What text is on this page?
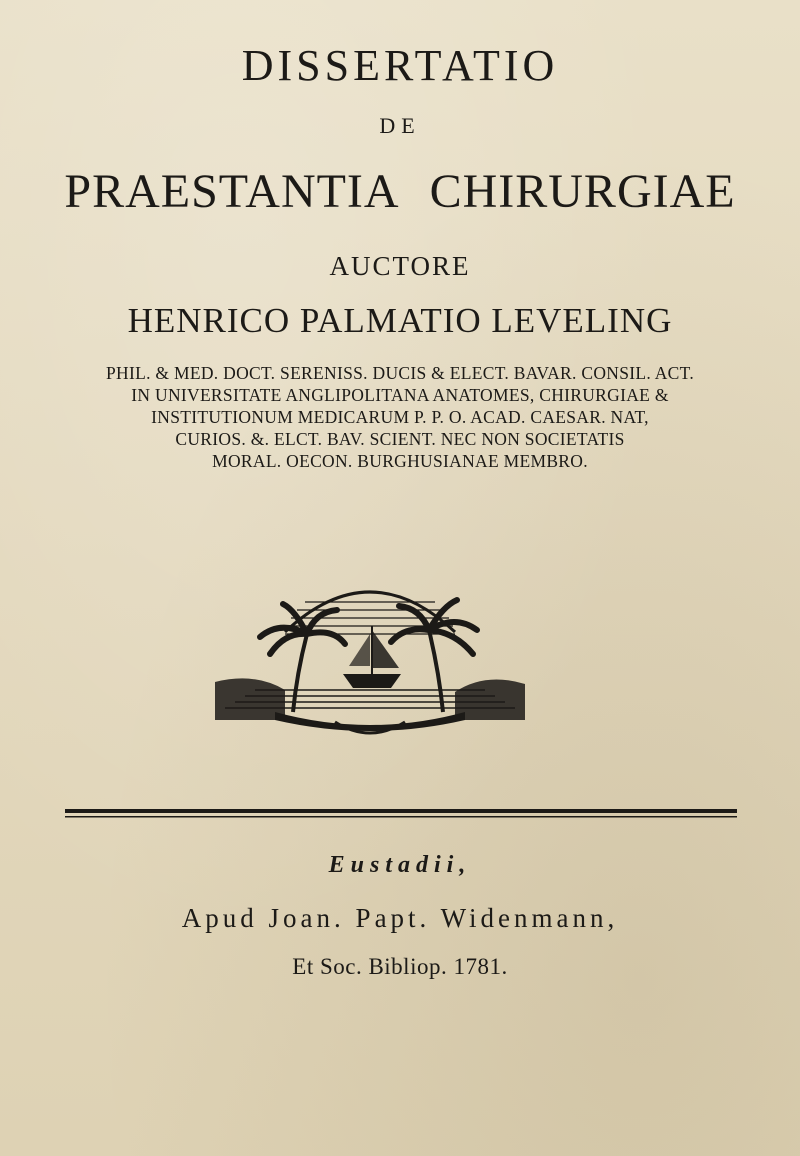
DISSERTATIO
DE
PRAESTANTIA CHIRURGIAE
AUCTORE
HENRICO PALMATIO LEVELING
PHIL. & MED. DOCT. SERENISS. DUCIS & ELECT. BAVAR. CONSIL. ACT.
IN UNIVERSITATE ANGLIPOLITANA ANATOMES, CHIRURGIAE &
INSTITUTIONUM MEDICARUM P. P. O. ACAD. CAESAR. NAT,
CURIOS. &. ELCT. BAV. SCIENT. NEC NON SOCIETATIS
MORAL. OECON. BURGHUSIANAE MEMBRO.
Eustadii,
Apud Joan. Papt. Widenmann,
Et Soc. Bibliop. 1781.
